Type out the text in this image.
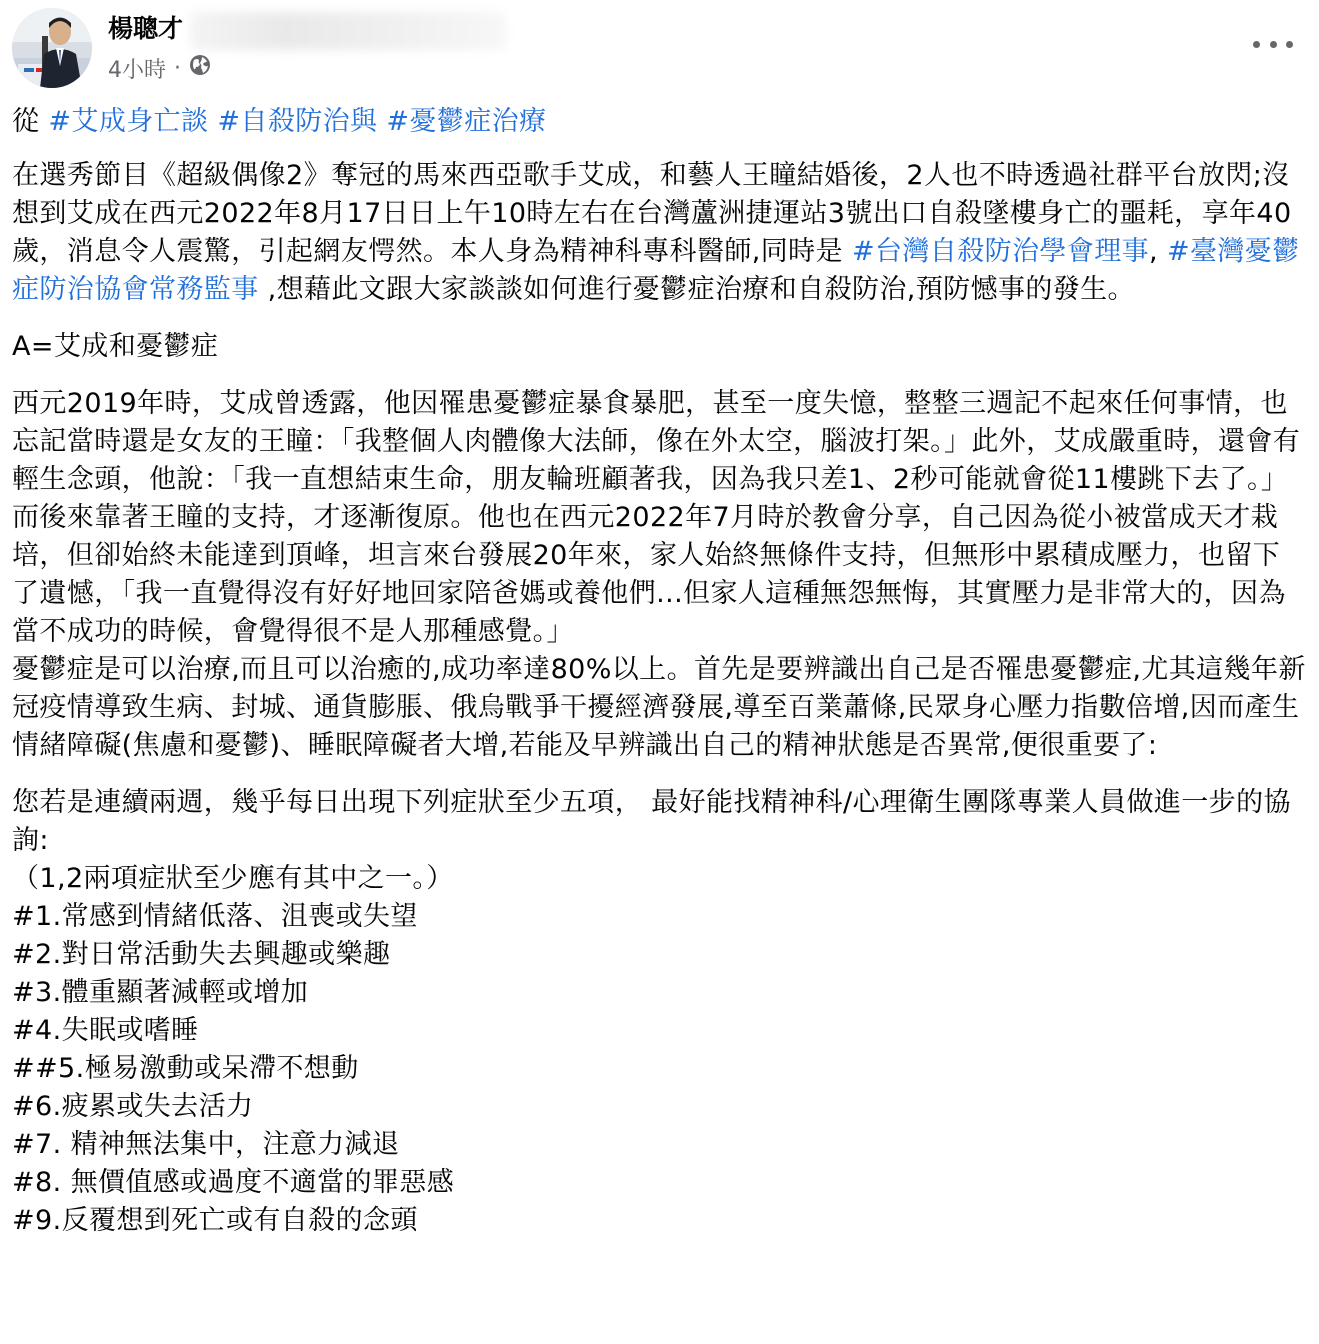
楊聰才
4小時 ·

從 #艾成身亡談 #自殺防治與 #憂鬱症治療

在選秀節目《超級偶像2》奪冠的馬來西亞歌手艾成，和藝人王瞳結婚後，2人也不時透過社群平台放閃;沒想到艾成在西元2022年8月17日日上午10時左右在台灣蘆洲捷運站3號出口自殺墜樓身亡的噩耗，享年40歲，消息令人震驚，引起網友愕然。本人身為精神科專科醫師,同時是 #台灣自殺防治學會理事, #臺灣憂鬱症防治協會常務監事 ,想藉此文跟大家談談如何進行憂鬱症治療和自殺防治,預防憾事的發生。

A=艾成和憂鬱症

西元2019年時，艾成曾透露，他因罹患憂鬱症暴食暴肥，甚至一度失憶，整整三週記不起來任何事情，也忘記當時還是女友的王瞳：「我整個人肉體像大法師，像在外太空，腦波打架。」此外，艾成嚴重時，還會有輕生念頭，他說：「我一直想結束生命，朋友輪班顧著我，因為我只差1、2秒可能就會從11樓跳下去了。」而後來靠著王瞳的支持，才逐漸復原。他也在西元2022年7月時於教會分享，自己因為從小被當成天才栽培，但卻始終未能達到頂峰，坦言來台發展20年來，家人始終無條件支持，但無形中累積成壓力，也留下了遺憾，「我一直覺得沒有好好地回家陪爸媽或養他們...但家人這種無怨無悔，其實壓力是非常大的，因為當不成功的時候，會覺得很不是人那種感覺。」

憂鬱症是可以治療,而且可以治癒的,成功率達80%以上。首先是要辨識出自己是否罹患憂鬱症,尤其這幾年新冠疫情導致生病、封城、通貨膨脹、俄烏戰爭干擾經濟發展,導至百業蕭條,民眾身心壓力指數倍增,因而產生情緒障礙(焦慮和憂鬱)、睡眠障礙者大增,若能及早辨識出自己的精神狀態是否異常,便很重要了:

您若是連續兩週，幾乎每日出現下列症狀至少五項， 最好能找精神科/心理衛生團隊專業人員做進一步的協詢:

（1,2兩項症狀至少應有其中之一。）

#1.常感到情緒低落、沮喪或失望

#2.對日常活動失去興趣或樂趣

#3.體重顯著減輕或增加

#4.失眠或嗜睡

##5.極易激動或呆滯不想動

#6.疲累或失去活力

#7. 精神無法集中，注意力減退

#8. 無價值感或過度不適當的罪惡感

#9.反覆想到死亡或有自殺的念頭
